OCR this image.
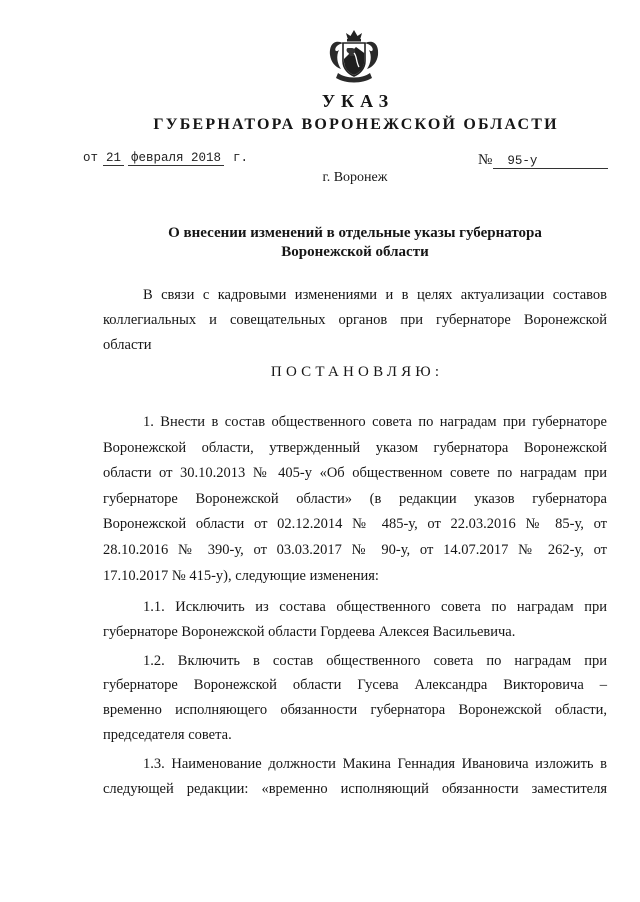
УКАЗ
ГУБЕРНАТОРА ВОРОНЕЖСКОЙ ОБЛАСТИ
от 21 февраля 2018 г.	№ 95-у
г. Воронеж
О внесении изменений в отдельные указы губернатора
Воронежской области
В связи с кадровыми изменениями и в целях актуализации составов
коллегиальных и совещательных органов при губернаторе Воронежской
области
ПОСТАНОВЛЯЮ:
1. Внести в состав общественного совета по наградам при губернаторе
Воронежской области, утвержденный указом губернатора Воронежской
области от 30.10.2013 № 405-у «Об общественном совете по наградам при
губернаторе Воронежской области» (в редакции указов губернатора
Воронежской области от 02.12.2014 № 485-у, от 22.03.2016 № 85-у, от
28.10.2016 № 390-у, от 03.03.2017 № 90-у, от 14.07.2017 № 262-у, от
17.10.2017 № 415-у), следующие изменения:
1.1. Исключить из состава общественного совета по наградам при
губернаторе Воронежской области Гордеева Алексея Васильевича.
1.2. Включить в состав общественного совета по наградам при
губернаторе Воронежской области Гусева Александра Викторовича –
временно исполняющего обязанности губернатора Воронежской области,
председателя совета.
1.3. Наименование должности Макина Геннадия Ивановича изложить в
следующей редакции: «временно исполняющий обязанности заместителя
